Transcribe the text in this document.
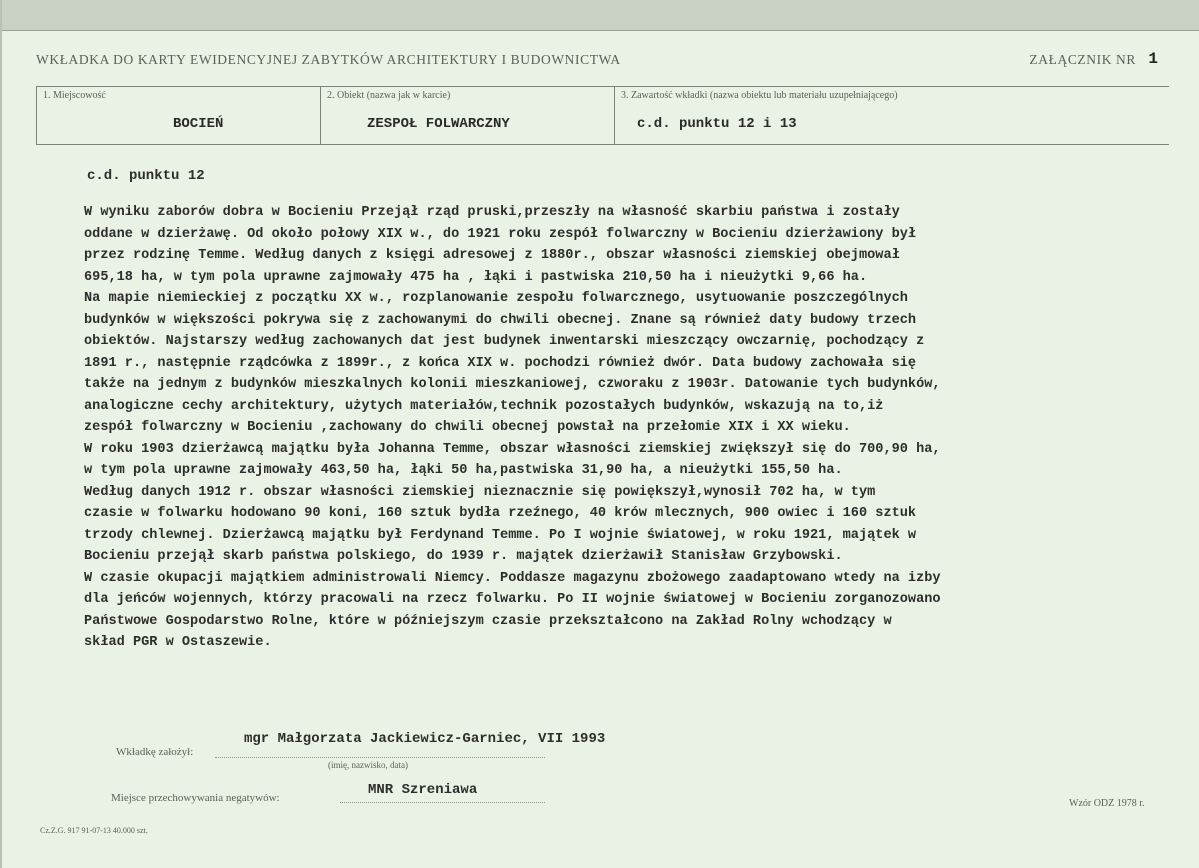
WKŁADKA DO KARTY EWIDENCYJNEJ ZABYTKÓW ARCHITEKTURY I BUDOWNICTWA	ZAŁĄCZNIK NR 1
1. Miejscowość
BOCIEŃ
2. Obiekt (nazwa jak w karcie)
ZESPOŁ FOLWARCZNY
3. Zawartość wkładki (nazwa obiektu lub materiału uzupełniającego)
c.d. punktu 12 i 13
c.d. punktu 12
W wyniku zaborów dobra w Bocieniu Przejął rząd pruski,przeszły na własność skarbiu państwa i zostały
oddane w dzierżawę. Od około połowy XIX w., do 1921 roku zespół folwarczny w Bocieniu dzierżawiony był
przez rodzinę Temme. Według danych z księgi adresowej z 1880r., obszar własności ziemskiej obejmował
695,18 ha, w tym pola uprawne zajmowały 475 ha , łąki i pastwiska 210,50 ha i nieużytki 9,66 ha.
Na mapie niemieckiej z początku XX w., rozplanowanie zespołu folwarcznego, usytuowanie poszczególnych
budynków w większości pokrywa się z zachowanymi do chwili obecnej. Znane są również daty budowy trzech
obiektów. Najstarszy według zachowanych dat jest budynek inwentarski mieszczący owczarnię, pochodzący z
1891 r., następnie rządcówka z 1899r., z końca XIX w. pochodzi również dwór. Data budowy zachowała się
także na jednym z budynków mieszkalnych kolonii mieszkaniowej, czworaku z 1903r. Datowanie tych budynków,
analogiczne cechy architektury, użytych materiałów,technik pozostałych budynków, wskazują na to,iż
zespół folwarczny w Bocieniu ,zachowany do chwili obecnej powstał na przełomie XIX i XX wieku.
W roku 1903 dzierżawcą majątku była Johanna Temme, obszar własności ziemskiej zwiększył się do 700,90 ha,
w tym pola uprawne zajmowały 463,50 ha, łąki 50 ha,pastwiska 31,90 ha, a nieużytki 155,50 ha.
Według danych 1912 r. obszar własności ziemskiej nieznacznie się powiększył,wynosił 702 ha, w tym
czasie w folwarku hodowano 90 koni, 160 sztuk bydła rzeźnego, 40 krów mlecznych, 900 owiec i 160 sztuk
trzody chlewnej. Dzierżawcą majątku był Ferdynand Temme. Po I wojnie światowej, w roku 1921, majątek w
Bocieniu przejął skarb państwa polskiego, do 1939 r. majątek dzierżawił Stanisław Grzybowski.
W czasie okupacji majątkiem administrowali Niemcy. Poddasze magazynu zbożowego zaadaptowano wtedy na izby
dla jeńców wojennych, którzy pracowali na rzecz folwarku. Po II wojnie światowej w Bocieniu zorganozowano
Państwowe Gospodarstwo Rolne, które w późniejszym czasie przekształcono na Zakład Rolny wchodzący w
skład PGR w Ostaszewie.
Wkładkę założył:
mgr Małgorzata Jackiewicz-Garniec, VII 1993
(imię, nazwisko, data)
Miejsce przechowywania negatywów:	MNR Szreniawa
Wzór ODZ 1978 r.
Cz.Z.G. 917 91-07-13 40.000 szt.
